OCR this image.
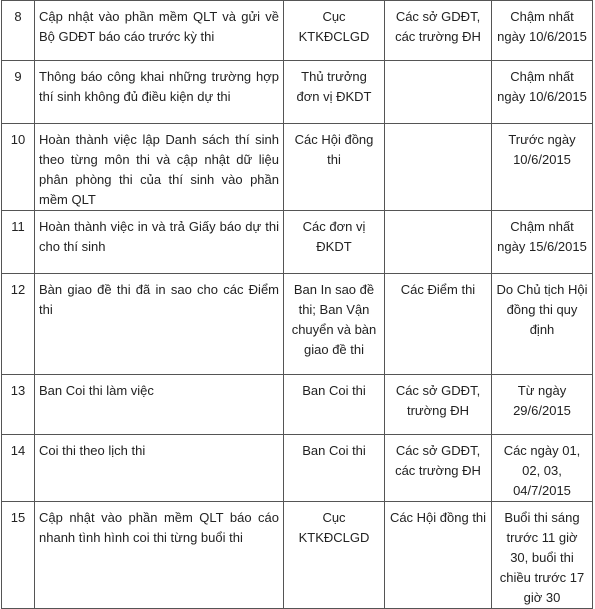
8	Cập nhật vào phần mềm QLT và gửi về Bộ GDĐT báo cáo trước kỳ thi	Cục KTKĐCLGD	Các sở GDĐT, các trường ĐH	Chậm nhất ngày 10/6/2015
9	Thông báo công khai những trường hợp thí sinh không đủ điều kiện dự thi	Thủ trưởng đơn vị ĐKDT		Chậm nhất ngày 10/6/2015
10	Hoàn thành việc lập Danh sách thí sinh theo từng môn thi và cập nhật dữ liệu phân phòng thi của thí sinh vào phần mềm QLT	Các Hội đồng thi		Trước ngày 10/6/2015
11	Hoàn thành việc in và trả Giấy báo dự thi cho thí sinh	Các đơn vị ĐKDT		Chậm nhất ngày 15/6/2015
12	Bàn giao đề thi đã in sao cho các Điểm thi	Ban In sao đề thi; Ban Vận chuyển và bàn giao đề thi	Các Điểm thi	Do Chủ tịch Hội đồng thi quy định
13	Ban Coi thi làm việc	Ban Coi thi	Các sở GDĐT, trường ĐH	Từ ngày 29/6/2015
14	Coi thi theo lịch thi	Ban Coi thi	Các sở GDĐT, các trường ĐH	Các ngày 01, 02, 03, 04/7/2015
15	Cập nhật vào phần mềm QLT báo cáo nhanh tình hình coi thi từng buổi thi	Cục KTKĐCLGD	Các Hội đồng thi	Buổi thi sáng trước 11 giờ 30, buổi thi chiều trước 17 giờ 30
